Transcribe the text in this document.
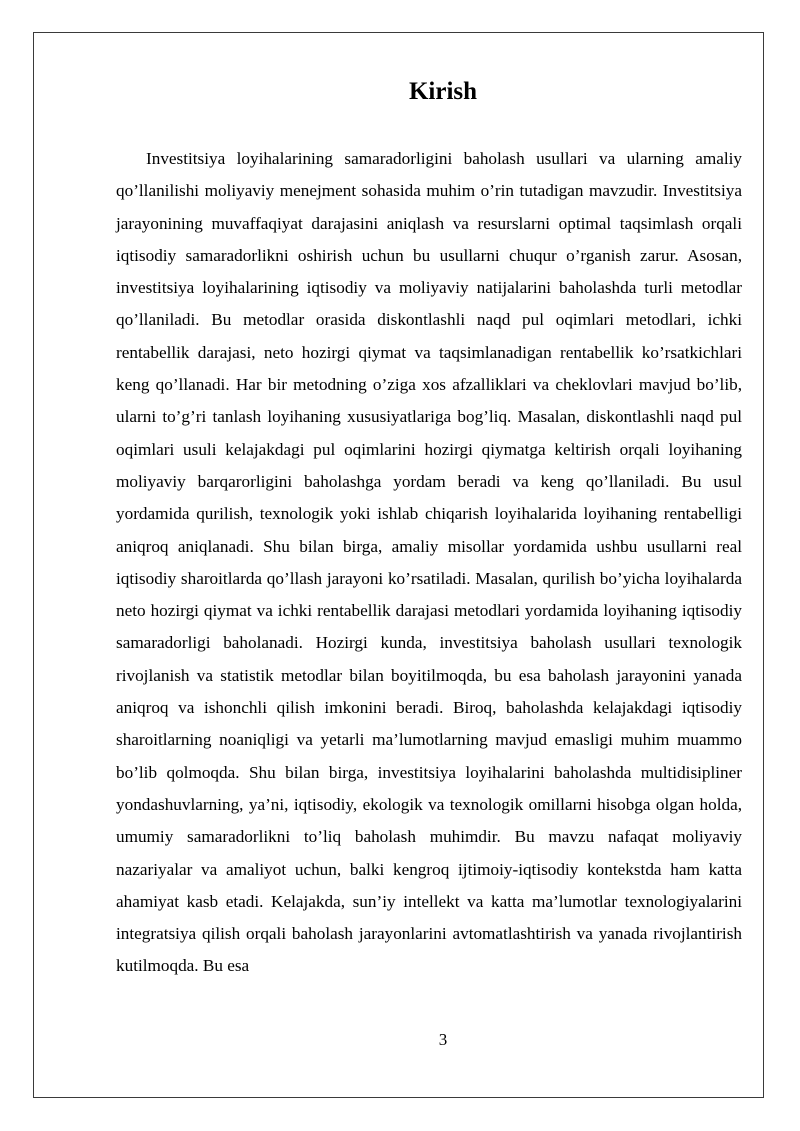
Kirish

Investitsiya loyihalarining samaradorligini baholash usullari va ularning amaliy qo’llanilishi moliyaviy menejment sohasida muhim o’rin tutadigan mavzudir. Investitsiya jarayonining muvaffaqiyat darajasini aniqlash va resurslarni optimal taqsimlash orqali iqtisodiy samaradorlikni oshirish uchun bu usullarni chuqur o’rganish zarur. Asosan, investitsiya loyihalarining iqtisodiy va moliyaviy natijalarini baholashda turli metodlar qo’llaniladi. Bu metodlar orasida diskontlashli naqd pul oqimlari metodlari, ichki rentabellik darajasi, neto hozirgi qiymat va taqsimlanadigan rentabellik ko’rsatkichlari keng qo’llanadi. Har bir metodning o’ziga xos afzalliklari va cheklovlari mavjud bo’lib, ularni to’g’ri tanlash loyihaning xususiyatlariga bog’liq. Masalan, diskontlashli naqd pul oqimlari usuli kelajakdagi pul oqimlarini hozirgi qiymatga keltirish orqali loyihaning moliyaviy barqarorligini baholashga yordam beradi va keng qo’llaniladi. Bu usul yordamida qurilish, texnologik yoki ishlab chiqarish loyihalarida loyihaning rentabelligi aniqroq aniqlanadi. Shu bilan birga, amaliy misollar yordamida ushbu usullarni real iqtisodiy sharoitlarda qo’llash jarayoni ko’rsatiladi. Masalan, qurilish bo’yicha loyihalarda neto hozirgi qiymat va ichki rentabellik darajasi metodlari yordamida loyihaning iqtisodiy samaradorligi baholanadi. Hozirgi kunda, investitsiya baholash usullari texnologik rivojlanish va statistik metodlar bilan boyitilmoqda, bu esa baholash jarayonini yanada aniqroq va ishonchli qilish imkonini beradi. Biroq, baholashda kelajakdagi iqtisodiy sharoitlarning noaniqligi va yetarli ma’lumotlarning mavjud emasligi muhim muammo bo’lib qolmoqda. Shu bilan birga, investitsiya loyihalarini baholashda multidisipliner yondashuvlarning, ya’ni, iqtisodiy, ekologik va texnologik omillarni hisobga olgan holda, umumiy samaradorlikni to’liq baholash muhimdir. Bu mavzu nafaqat moliyaviy nazariyalar va amaliyot uchun, balki kengroq ijtimoiy-iqtisodiy kontekstda ham katta ahamiyat kasb etadi. Kelajakda, sun’iy intellekt va katta ma’lumotlar texnologiyalarini integratsiya qilish orqali baholash jarayonlarini avtomatlashtirish va yanada rivojlantirish kutilmoqda. Bu esa

3
